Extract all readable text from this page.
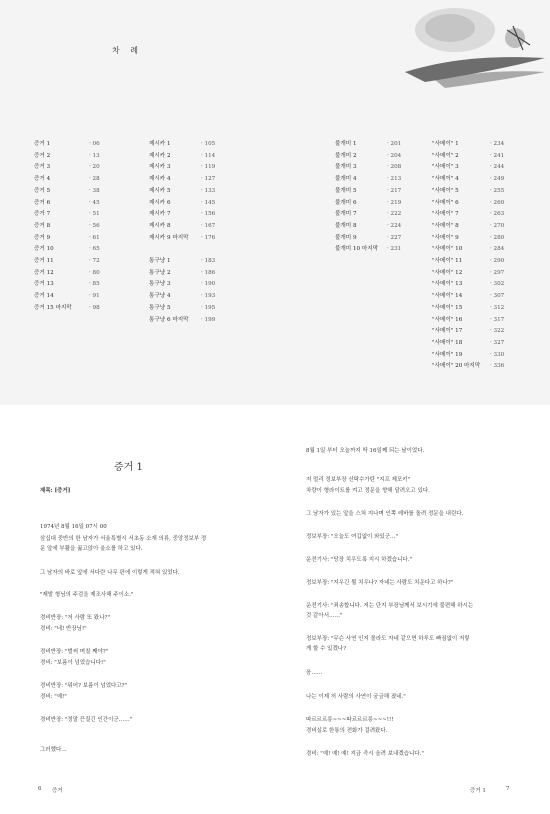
차 례
증거 1	· 06
증거 2	· 13
증거 3	· 20
증거 4	· 28
증거 5	· 38
증거 6	· 45
증거 7	· 51
증거 8	· 56
증거 9	· 61
증거 10	· 65
증거 11	· 72
증거 12	· 80
증거 13	· 85
증거 14	· 91
증거 15 마지막	· 98
제시카 1	· 105
제시카 2	· 114
제시카 3	· 119
제시카 4	· 127
제시카 5	· 133
제시카 6	· 145
제시카 7	· 156
제시카 8	· 167
제시카 9 마지막	· 176
통구냥 1	· 183
통구냥 2	· 186
통구냥 3	· 190
통구냥 4	· 193
통구냥 5	· 195
통구냥 6 마지막	· 199
불개미 1	· 201
불개미 2	· 204
불개미 3	· 208
불개미 4	· 213
불개미 5	· 217
불개미 6	· 219
불개미 7	· 222
불개미 8	· 224
불개미 9	· 227
불개미 10 마지막	· 231
"사메이" 1	· 234
"사메이" 2	· 241
"사메이" 3	· 244
"사메이" 4	· 249
"사메이" 5	· 255
"사메이" 6	· 260
"사메이" 7	· 263
"사메이" 8	· 270
"사메이" 9	· 280
"사메이" 10	· 284
"사메이" 11	· 290
"사메이" 12	· 297
"사메이" 13	· 302
"사메이" 14	· 307
"사메이" 15	· 312
"사메이" 16	· 317
"사메이" 17	· 322
"사메이" 18	· 327
"사메이" 19	· 330
"사메이" 20 마지막	· 336
증거 1
제목: [증거]
1974년 8월 16일 07시 00
삼십대 중반의 한 남자가 서울특별시 서초동 소재 의류, 중앙정보부 정
문 앞에 부활을 꿇고앉아 울소를 하고 있다.
그 남자의 바로 앞에 서다란 나무 판에 이렇게 적혀 있었다.
"제발 형님의 주검을 제조사해 주이소."
경비반장: "저 사람 또 왔나?"
경비: "네! 반장님!"
경비반장: "벌써 며칠 째야?"
경비: "보름이 넘었습니다!"
경비반장: "뭐어? 보름이 넘었다고?"
경비: "예!"
경비반장: "정말 끈질긴 인간이군……"
그러했다…
8월 1일 부터 오늘까지 딱 16일째 되는 날이었다.
저 멀리 정보부장 신탁수가탄 "지프 제포키"
차량이 형라이트를 켜고 정문을 향해 달려오고 있다.
그 남자가 있는 앞을 스쳐 지나며 인쪽 레바를 돌려 정문을 내린다.
정보부장: "오늘도 여깁없이 와있군…"
운전기사: "당장 치우도록 지시 하겠습니다."
정보부장: "지우긴 뭘 치우나? 자네는 사람도 치운다고 하나?"
운전기사: "죄송합니다. 저는 단지 부장님께서 보시기에 불편해 하시는
것 같아서……"
정보부장: "무슨 사연 인지 몰라도 자네 같으면 하루도 빠짐없이 저렇
게 할 수 있겠나?
음……
나는 이제 저 사람의 사연이 궁금해 졌네."
따르르르릉~~~따르르르릉~~~!!!
경비실로 한통의 전화가 걸려왔다.
경비: "예! 예! 예! 지금 즉시 올려 보내겠습니다."
6 증거	증거 1	7
